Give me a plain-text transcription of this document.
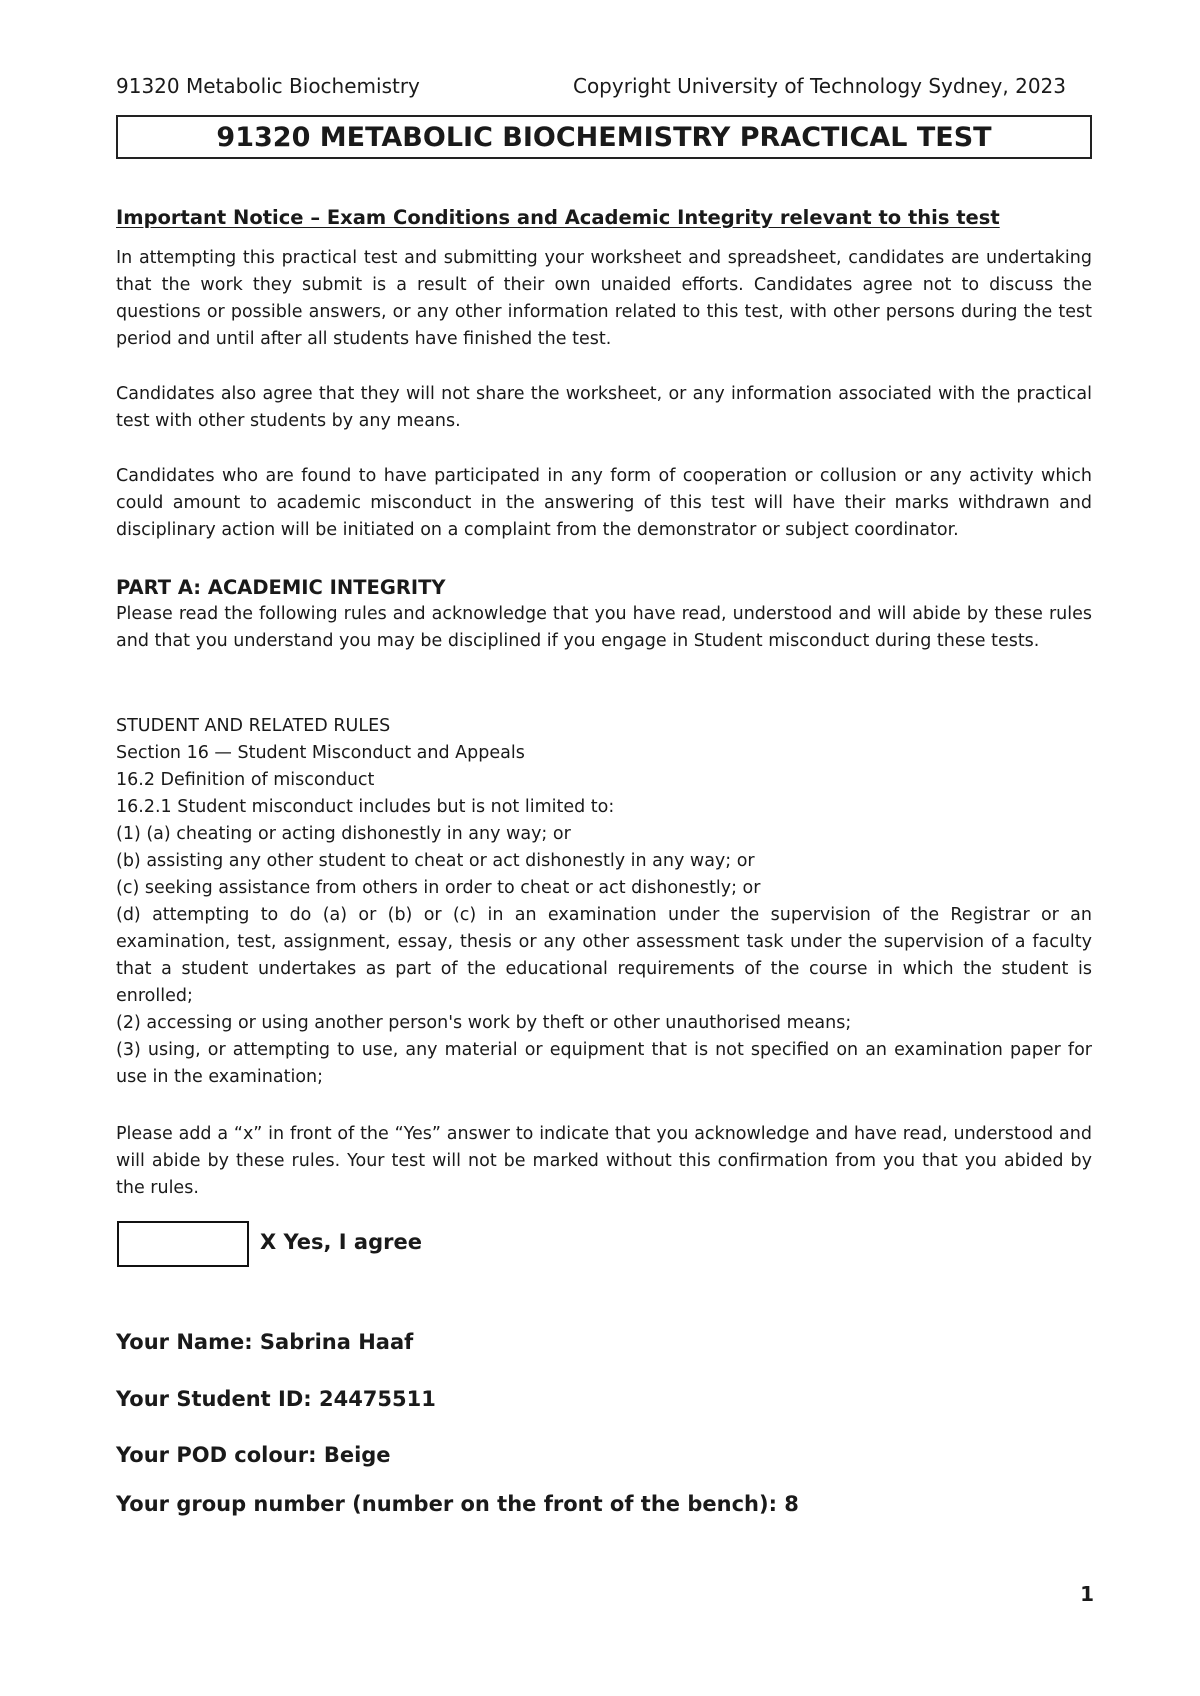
91320 Metabolic Biochemistry	Copyright University of Technology Sydney, 2023
91320 METABOLIC BIOCHEMISTRY PRACTICAL TEST
Important Notice – Exam Conditions and Academic Integrity relevant to this test

In attempting this practical test and submitting your worksheet and spreadsheet, candidates are undertaking that the work they submit is a result of their own unaided efforts. Candidates agree not to discuss the questions or possible answers, or any other information related to this test, with other persons during the test period and until after all students have finished the test.

Candidates also agree that they will not share the worksheet, or any information associated with the practical test with other students by any means.

Candidates who are found to have participated in any form of cooperation or collusion or any activity which could amount to academic misconduct in the answering of this test will have their marks withdrawn and disciplinary action will be initiated on a complaint from the demonstrator or subject coordinator.

PART A: ACADEMIC INTEGRITY

Please read the following rules and acknowledge that you have read, understood and will abide by these rules and that you understand you may be disciplined if you engage in Student misconduct during these tests.

STUDENT AND RELATED RULES
Section 16 — Student Misconduct and Appeals
16.2 Definition of misconduct
16.2.1 Student misconduct includes but is not limited to:
(1) (a) cheating or acting dishonestly in any way; or
(b) assisting any other student to cheat or act dishonestly in any way; or
(c) seeking assistance from others in order to cheat or act dishonestly; or
(d) attempting to do (a) or (b) or (c) in an examination under the supervision of the Registrar or an examination, test, assignment, essay, thesis or any other assessment task under the supervision of a faculty that a student undertakes as part of the educational requirements of the course in which the student is enrolled;
(2) accessing or using another person's work by theft or other unauthorised means;
(3) using, or attempting to use, any material or equipment that is not specified on an examination paper for use in the examination;

Please add a “x” in front of the “Yes” answer to indicate that you acknowledge and have read, understood and will abide by these rules. Your test will not be marked without this confirmation from you that you abided by the rules.

X Yes, I agree
Your Name: Sabrina Haaf
Your Student ID: 24475511
Your POD colour: Beige
Your group number (number on the front of the bench): 8
1
